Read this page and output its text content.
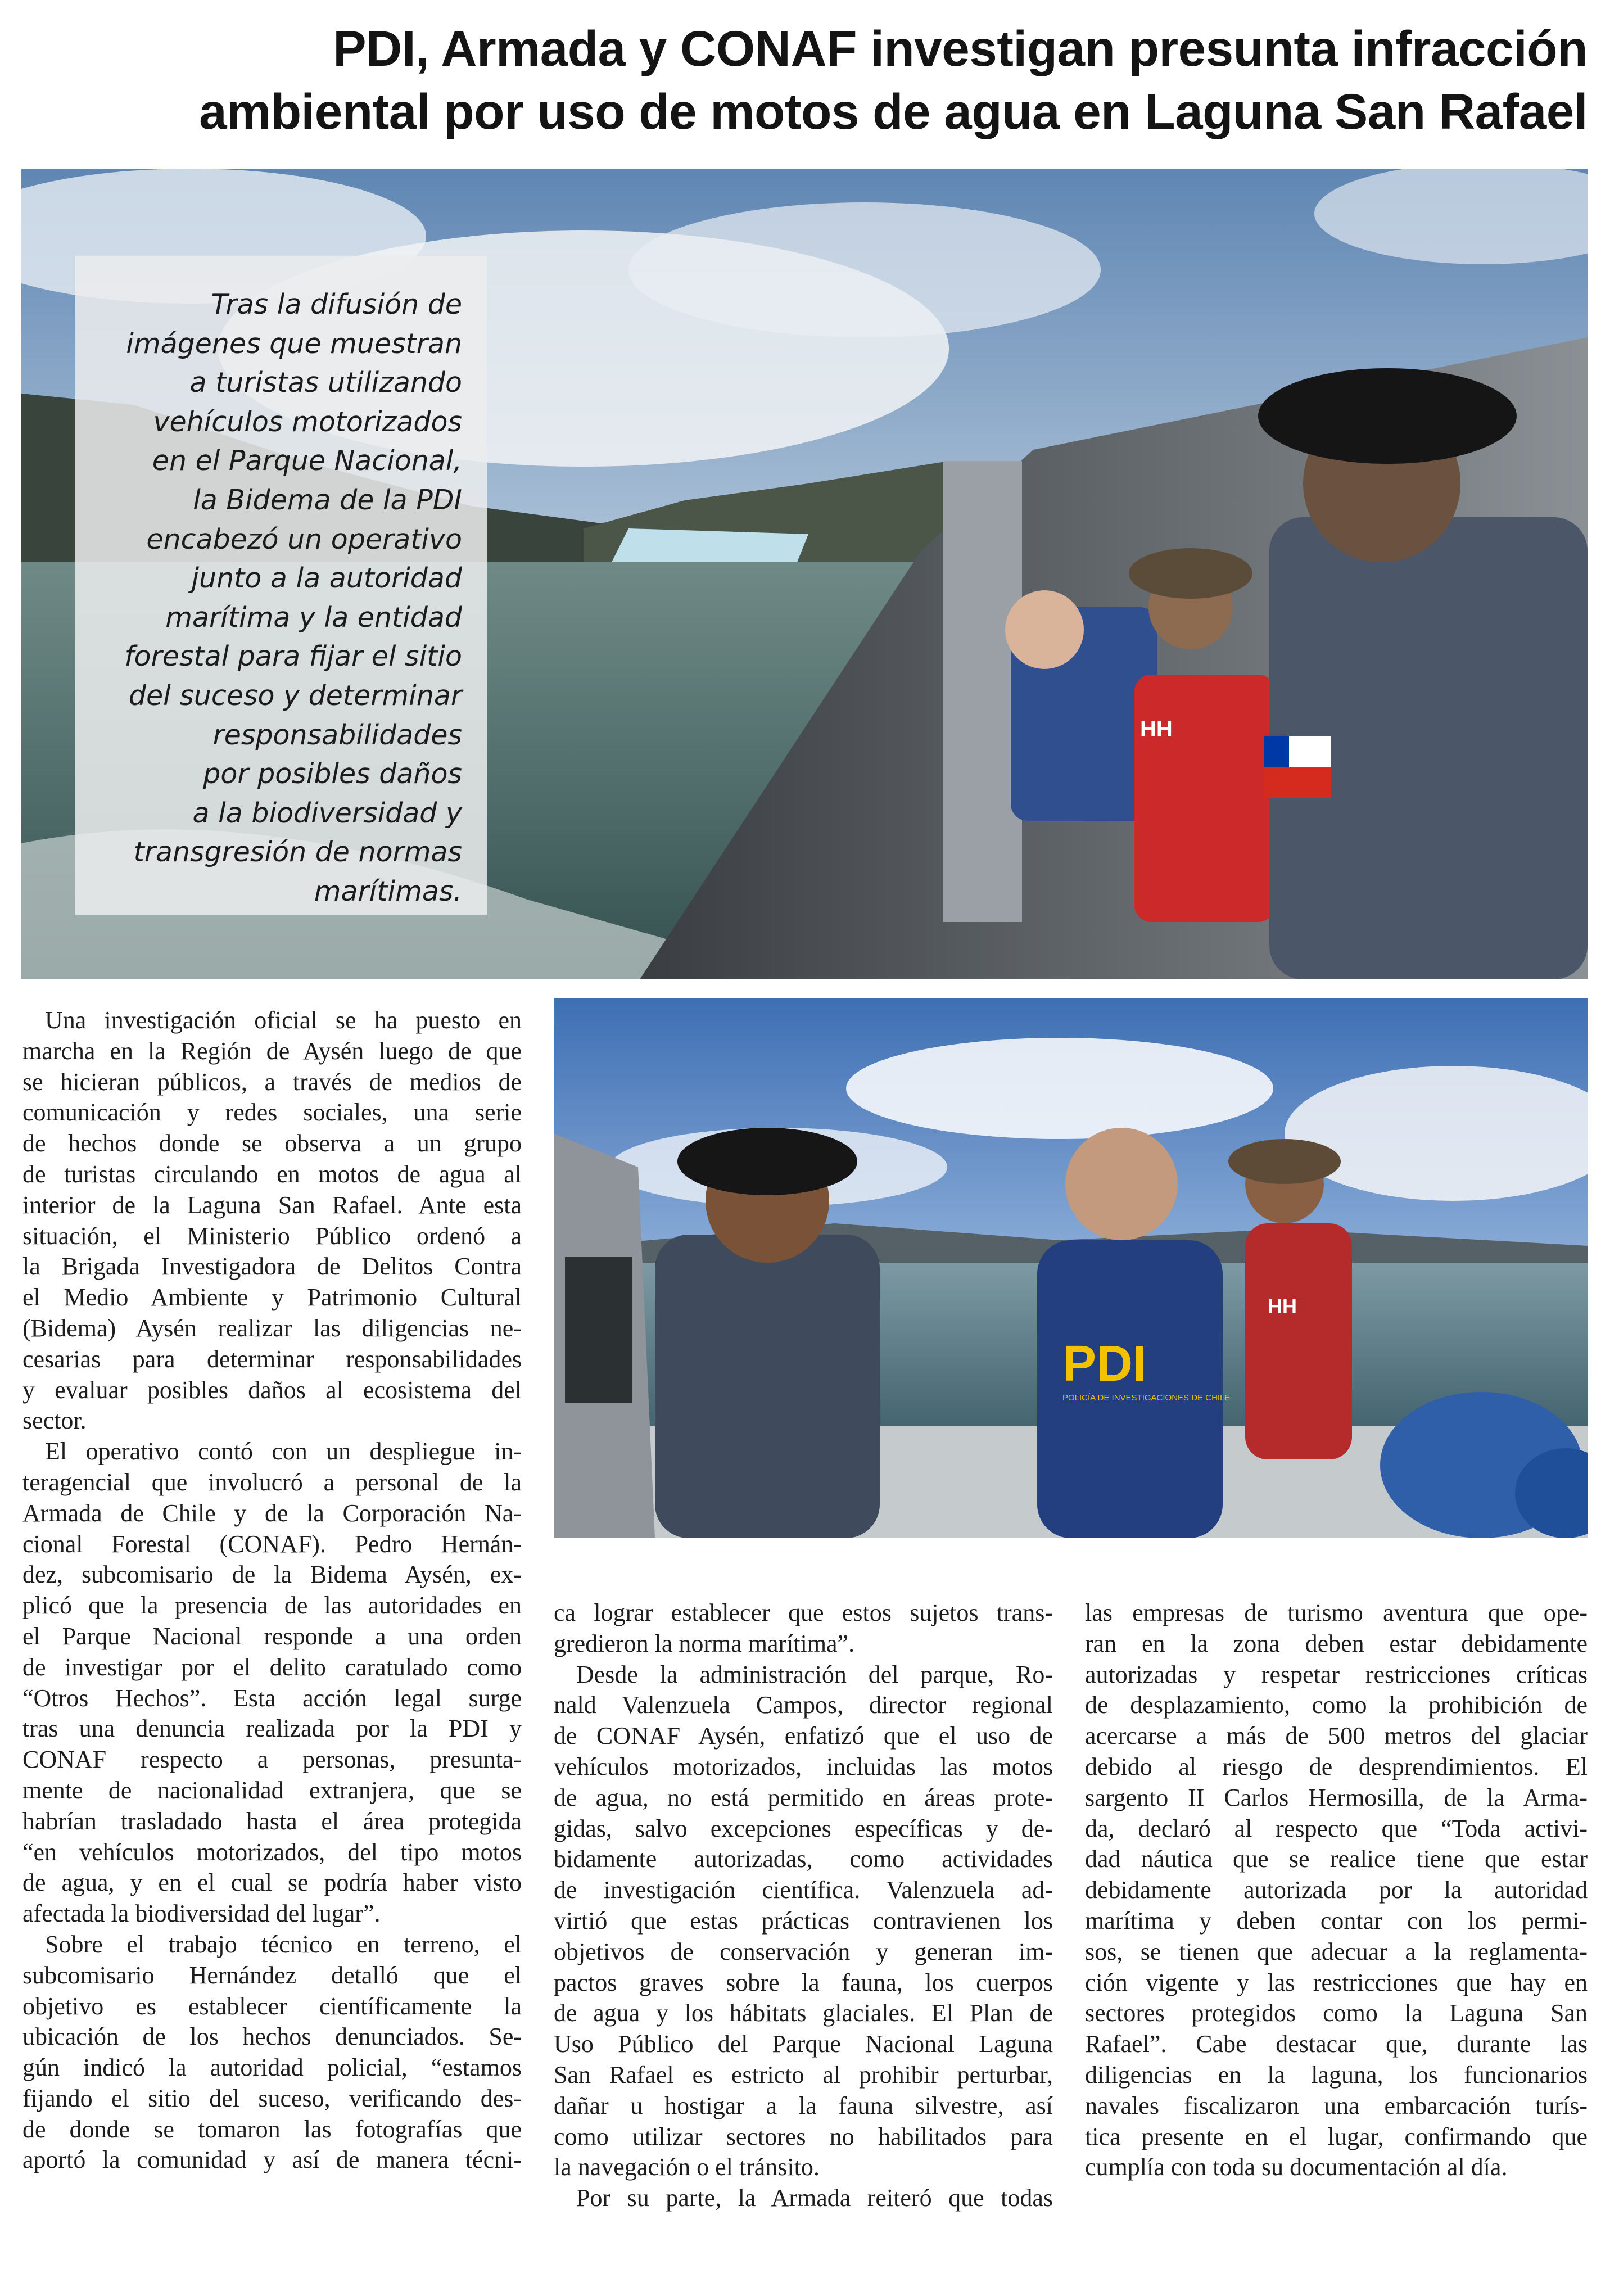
PDI, Armada y CONAF investigan presunta infracción
ambiental por uso de motos de agua en Laguna San Rafael
HH
Tras la difusión de
imágenes que muestran
a turistas utilizando
vehículos motorizados
en el Parque Nacional,
la Bidema de la PDI
encabezó un operativo
junto a la autoridad
marítima y la entidad
forestal para fijar el sitio
del suceso y determinar
responsabilidades
por posibles daños
a la biodiversidad y
transgresión de normas
marítimas.
PDI
POLICÍA DE INVESTIGACIONES DE CHILE
HH
Una investigación oficial se ha puesto en
marcha en la Región de Aysén luego de que
se hicieran públicos, a través de medios de
comunicación y redes sociales, una serie
de hechos donde se observa a un grupo
de turistas circulando en motos de agua al
interior de la Laguna San Rafael. Ante esta
situación, el Ministerio Público ordenó a
la Brigada Investigadora de Delitos Contra
el Medio Ambiente y Patrimonio Cultural
(Bidema) Aysén realizar las diligencias ne-
cesarias para determinar responsabilidades
y evaluar posibles daños al ecosistema del
sector.
El operativo contó con un despliegue in-
teragencial que involucró a personal de la
Armada de Chile y de la Corporación Na-
cional Forestal (CONAF). Pedro Hernán-
dez, subcomisario de la Bidema Aysén, ex-
plicó que la presencia de las autoridades en
el Parque Nacional responde a una orden
de investigar por el delito caratulado como
“Otros Hechos”. Esta acción legal surge
tras una denuncia realizada por la PDI y
CONAF respecto a personas, presunta-
mente de nacionalidad extranjera, que se
habrían trasladado hasta el área protegida
“en vehículos motorizados, del tipo motos
de agua, y en el cual se podría haber visto
afectada la biodiversidad del lugar”.
Sobre el trabajo técnico en terreno, el
subcomisario Hernández detalló que el
objetivo es establecer científicamente la
ubicación de los hechos denunciados. Se-
gún indicó la autoridad policial, “estamos
fijando el sitio del suceso, verificando des-
de donde se tomaron las fotografías que
aportó la comunidad y así de manera técni-
ca lograr establecer que estos sujetos trans-
gredieron la norma marítima”.
Desde la administración del parque, Ro-
nald Valenzuela Campos, director regional
de CONAF Aysén, enfatizó que el uso de
vehículos motorizados, incluidas las motos
de agua, no está permitido en áreas prote-
gidas, salvo excepciones específicas y de-
bidamente autorizadas, como actividades
de investigación científica. Valenzuela ad-
virtió que estas prácticas contravienen los
objetivos de conservación y generan im-
pactos graves sobre la fauna, los cuerpos
de agua y los hábitats glaciales. El Plan de
Uso Público del Parque Nacional Laguna
San Rafael es estricto al prohibir perturbar,
dañar u hostigar a la fauna silvestre, así
como utilizar sectores no habilitados para
la navegación o el tránsito.
Por su parte, la Armada reiteró que todas
las empresas de turismo aventura que ope-
ran en la zona deben estar debidamente
autorizadas y respetar restricciones críticas
de desplazamiento, como la prohibición de
acercarse a más de 500 metros del glaciar
debido al riesgo de desprendimientos. El
sargento II Carlos Hermosilla, de la Arma-
da, declaró al respecto que “Toda activi-
dad náutica que se realice tiene que estar
debidamente autorizada por la autoridad
marítima y deben contar con los permi-
sos, se tienen que adecuar a la reglamenta-
ción vigente y las restricciones que hay en
sectores protegidos como la Laguna San
Rafael”. Cabe destacar que, durante las
diligencias en la laguna, los funcionarios
navales fiscalizaron una embarcación turís-
tica presente en el lugar, confirmando que
cumplía con toda su documentación al día.
